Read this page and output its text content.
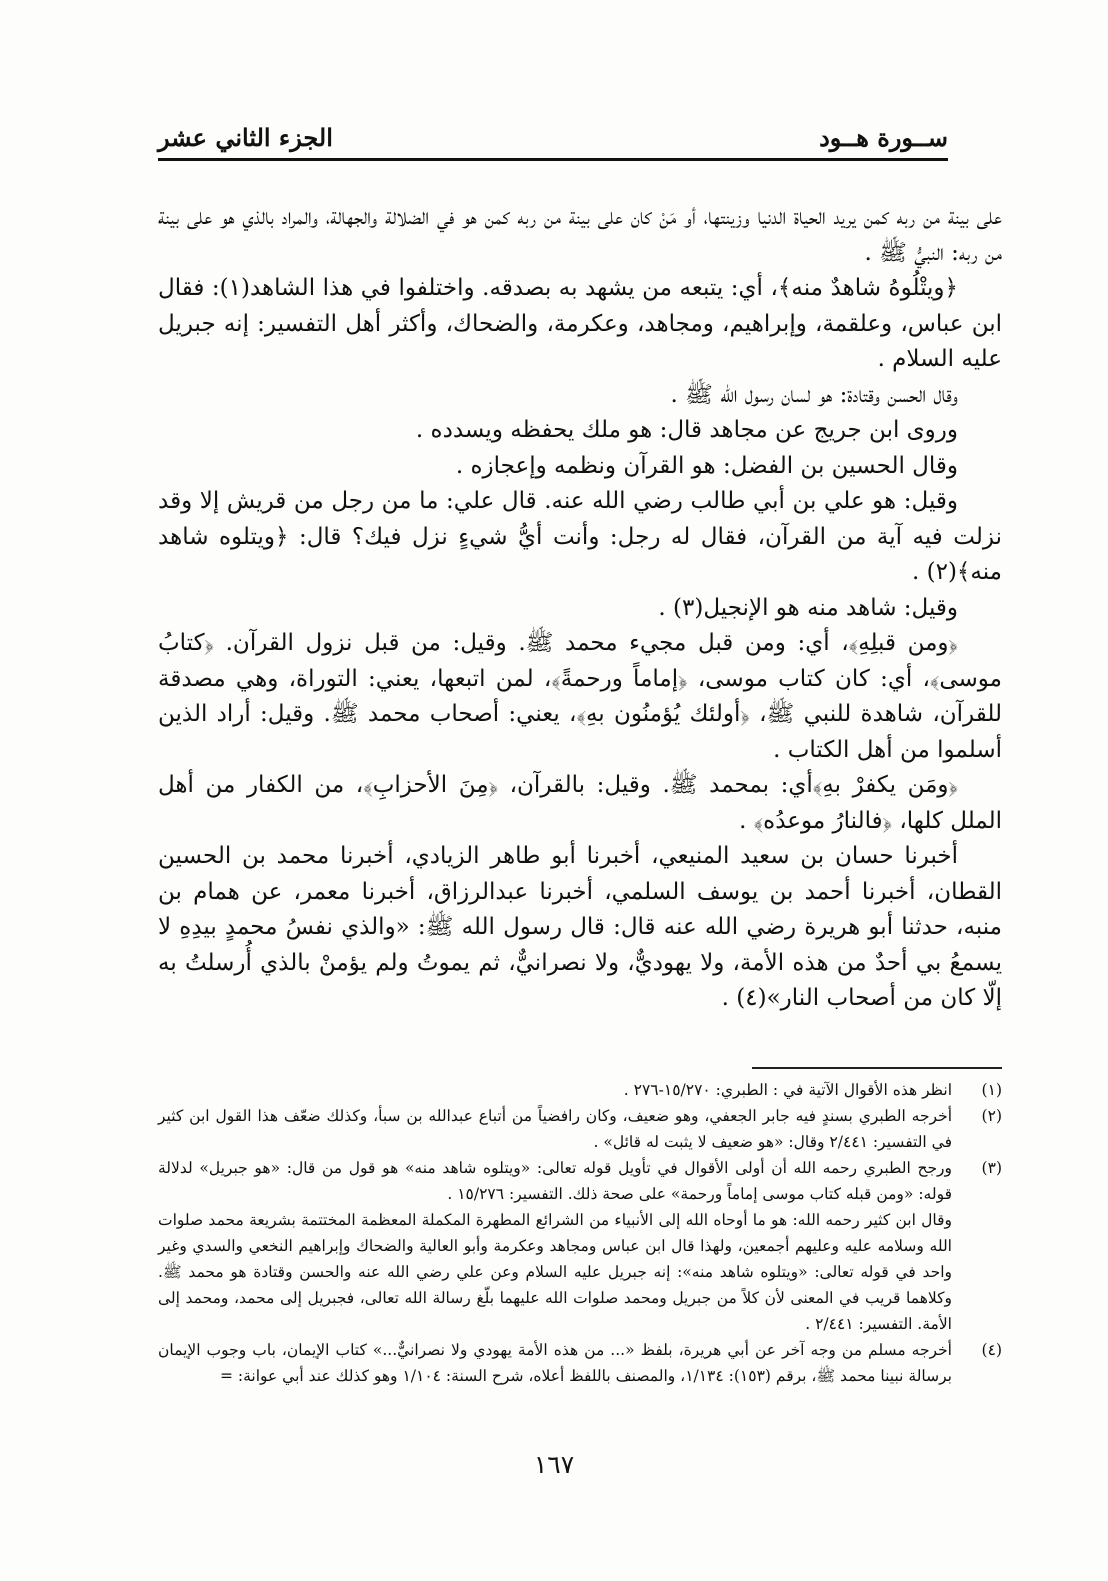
ســورة هــود
الجزء الثاني عشر

على بينة من ربه كمن يريد الحياة الدنيا وزينتها، أو مَنْ كان على بينة من ربه كمن هو في الضلالة والجهالة، والمراد بالذي هو على بينة من ربه: النبيُّ ﷺ .

﴿ويتْلُوهُ شاهدٌ منه﴾، أي: يتبعه من يشهد به بصدقه. واختلفوا في هذا الشاهد(١): فقال ابن عباس، وعلقمة، وإبراهيم، ومجاهد، وعكرمة، والضحاك، وأكثر أهل التفسير: إنه جبريل عليه السلام .

وقال الحسن وقتادة: هو لسان رسول الله ﷺ .

وروى ابن جريج عن مجاهد قال: هو ملك يحفظه ويسدده .

وقال الحسين بن الفضل: هو القرآن ونظمه وإعجازه .

وقيل: هو علي بن أبي طالب رضي الله عنه. قال علي: ما من رجل من قريش إلا وقد نزلت فيه آية من القرآن، فقال له رجل: وأنت أيُّ شيءٍ نزل فيك؟ قال: ﴿ويتلوه شاهد منه﴾(٢) .

وقيل: شاهد منه هو الإنجيل(٣) .

﴿ومن قبلِهِ﴾، أي: ومن قبل مجيء محمد ﷺ. وقيل: من قبل نزول القرآن. ﴿كتابُ موسى﴾، أي: كان كتاب موسى، ﴿إماماً ورحمةً﴾، لمن اتبعها، يعني: التوراة، وهي مصدقة للقرآن، شاهدة للنبي ﷺ، ﴿أولئك يُؤمنُون بهِ﴾، يعني: أصحاب محمد ﷺ. وقيل: أراد الذين أسلموا من أهل الكتاب .

﴿ومَن يكفرْ بهِ﴾أي: بمحمد ﷺ. وقيل: بالقرآن، ﴿مِنَ الأحزابِ﴾، من الكفار من أهل الملل كلها، ﴿فالنارُ موعدُه﴾ .

أخبرنا حسان بن سعيد المنيعي، أخبرنا أبو طاهر الزيادي، أخبرنا محمد بن الحسين القطان، أخبرنا أحمد بن يوسف السلمي، أخبرنا عبدالرزاق، أخبرنا معمر، عن همام بن منبه، حدثنا أبو هريرة رضي الله عنه قال: قال رسول الله ﷺ: «والذي نفسُ محمدٍ بيدِهِ لا يسمعُ بي أحدٌ من هذه الأمة، ولا يهوديٌّ، ولا نصرانيٌّ، ثم يموتُ ولم يؤمنْ بالذي أُرسلتُ به إلّا كان من أصحاب النار»(٤) .

(١)
انظر هذه الأقوال الآتية في : الطبري: ١٥/٢٧٠-٢٧٦ .
(٢)
أخرجه الطبري بسندٍ فيه جابر الجعفي، وهو ضعيف، وكان رافضياً من أتباع عبدالله بن سبأ، وكذلك ضعّف هذا القول ابن كثير في التفسير: ٢/٤٤١ وقال: «هو ضعيف لا يثبت له قائل» .
(٣)
ورجح الطبري رحمه الله أن أولى الأقوال في تأويل قوله تعالى: «ويتلوه شاهد منه» هو قول من قال: «هو جبريل» لدلالة قوله: «ومن قبله كتاب موسى إماماً ورحمة» على صحة ذلك. التفسير: ١٥/٢٧٦ .
وقال ابن كثير رحمه الله: هو ما أوحاه الله إلى الأنبياء من الشرائع المطهرة المكملة المعظمة المختتمة بشريعة محمد صلوات الله وسلامه عليه وعليهم أجمعين، ولهذا قال ابن عباس ومجاهد وعكرمة وأبو العالية والضحاك وإبراهيم النخعي والسدي وغير واحد في قوله تعالى: «ويتلوه شاهد منه»: إنه جبريل عليه السلام وعن علي رضي الله عنه والحسن وقتادة هو محمد ﷺ. وكلاهما قريب في المعنى لأن كلاً من جبريل ومحمد صلوات الله عليهما بلّغ رسالة الله تعالى، فجبريل إلى محمد، ومحمد إلى الأمة. التفسير: ٢/٤٤١ .
(٤)
أخرجه مسلم من وجه آخر عن أبي هريرة، بلفظ «... من هذه الأمة يهودي ولا نصرانيٌّ...» كتاب الإيمان، باب وجوب الإيمان برسالة نبينا محمد ﷺ، برقم (١٥٣): ١/١٣٤، والمصنف باللفظ أعلاه، شرح السنة: ١/١٠٤ وهو كذلك عند أبي عوانة: =
١٦٧
